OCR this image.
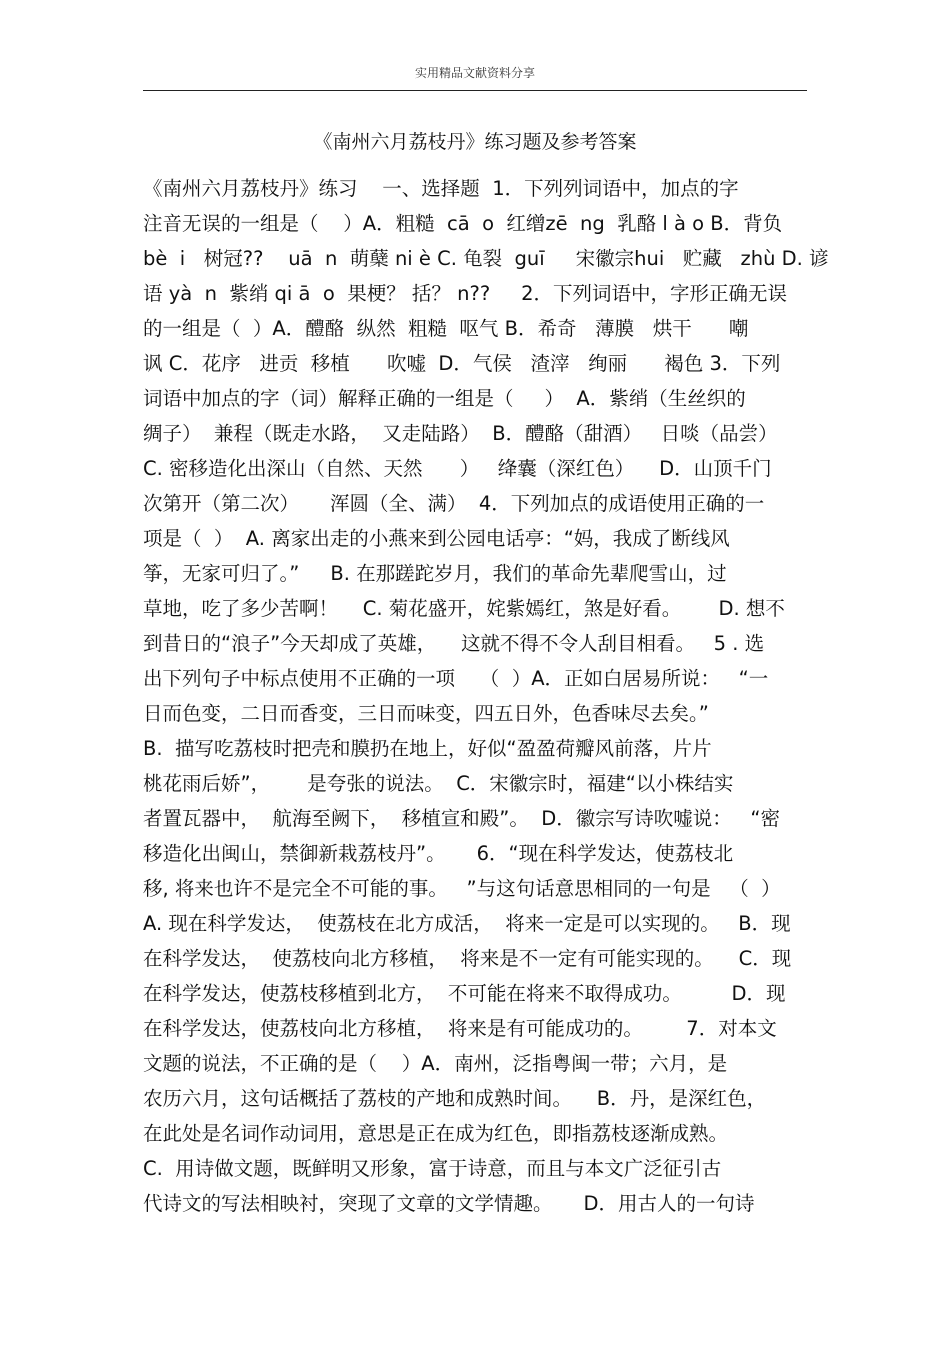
实用精品文献资料分享
《南州六月荔枝丹》练习题及参考答案
《南州六月荔枝丹》练习    一、选择题  1．下列列词语中，加点的字
注音无误的一组是（    ）A．粗糙  cā  o  红缯zē  ng  乳酪 l à o B．背负
bè  i   树冠??    uā  n  萌蘖 ni è C. 龟裂  guī     宋徽宗hui   贮藏   zhù D. 谚
语 yà  n  紫绡 qi ā  o  果梗？ 括？ n??     2．下列词语中，字形正确无误
的一组是（  ）A．醴酪  纵然  粗糙  呕气 B．希奇   薄膜   烘干      嘲
讽 C．花序   进贡  移植      吹嘘  D．气侯   渣滓   绚丽      褐色 3．下列
词语中加点的字（词）解释正确的一组是（     ）  A．紫绡（生丝织的
绸子）  兼程（既走水路，  又走陆路）  B．醴酪（甜酒）   日啖（品尝）
C. 密移造化出深山（自然、天然      ）   绛囊（深红色）    D．山顶千门
次第开（第二次）     浑圆（全、满）  4．下列加点的成语使用正确的一
项是（  ）  A. 离家出走的小燕来到公园电话亭：“妈，我成了断线风
筝，无家可归了。”     B. 在那蹉跎岁月，我们的革命先辈爬雪山，过
草地，吃了多少苦啊！    C. 菊花盛开，姹紫嫣红，煞是好看。      D. 想不
到昔日的“浪子”今天却成了英雄，    这就不得不令人刮目相看。   5 . 选
出下列句子中标点使用不正确的一项    （  ）A．正如白居易所说：   “一
日而色变，二日而香变，三日而味变，四五日外，色香味尽去矣。”
B.  描写吃荔枝时把壳和膜扔在地上，好似“盈盈荷瓣风前落，片片
桃花雨后娇”，      是夸张的说法。  C．宋徽宗时，福建“以小株结实
者置瓦器中，  航海至阙下，  移植宣和殿”。  D．徽宗写诗吹嘘说：   “密
移造化出闽山，禁御新栽荔枝丹”。     6．“现在科学发达，使荔枝北
移, 将来也许不是完全不可能的事。   ”与这句话意思相同的一句是   （  ）
A. 现在科学发达，  使荔枝在北方成活，  将来一定是可以实现的。   B．现
在科学发达，  使荔枝向北方移植，  将来是不一定有可能实现的。    C．现
在科学发达，使荔枝移植到北方，  不可能在将来不取得成功。        D．现
在科学发达，使荔枝向北方移植，  将来是有可能成功的。       7．对本文
文题的说法，不正确的是（    ）A．南州，泛指粤闽一带；六月，是
农历六月，这句话概括了荔枝的产地和成熟时间。    B．丹，是深红色，
在此处是名词作动词用，意思是正在成为红色，即指荔枝逐渐成熟。
C.  用诗做文题，既鲜明又形象，富于诗意，而且与本文广泛征引古
代诗文的写法相映衬，突现了文章的文学情趣。     D．用古人的一句诗
